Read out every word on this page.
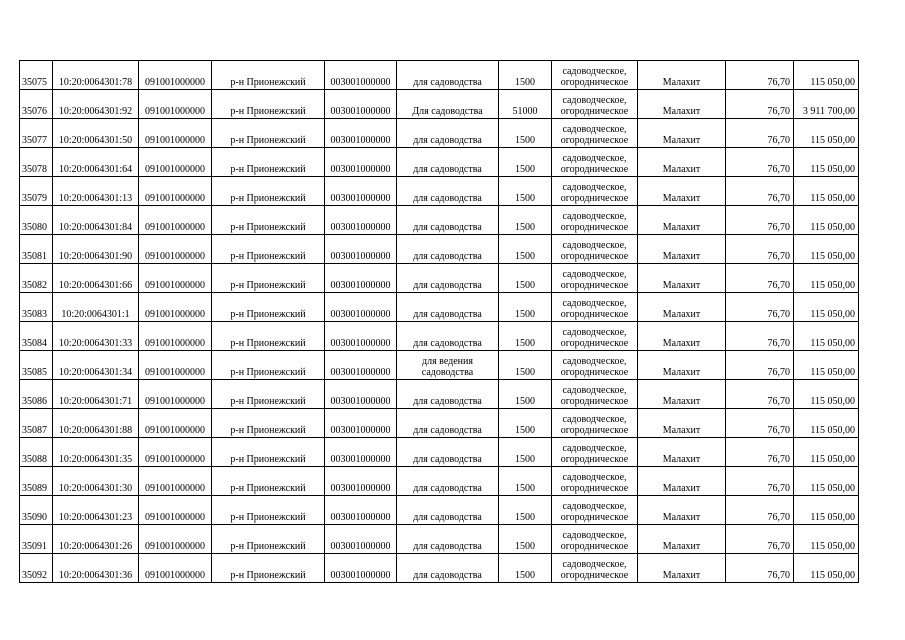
35075	10:20:0064301:78	091001000000	р-н Прионежский	003001000000	для садоводства	1500	садоводческое, огородническое	Малахит	76,70	115 050,00
35076	10:20:0064301:92	091001000000	р-н Прионежский	003001000000	Для садоводства	51000	садоводческое, огородническое	Малахит	76,70	3 911 700,00
35077	10:20:0064301:50	091001000000	р-н Прионежский	003001000000	для садоводства	1500	садоводческое, огородническое	Малахит	76,70	115 050,00
35078	10:20:0064301:64	091001000000	р-н Прионежский	003001000000	для садоводства	1500	садоводческое, огородническое	Малахит	76,70	115 050,00
35079	10:20:0064301:13	091001000000	р-н Прионежский	003001000000	для садоводства	1500	садоводческое, огородническое	Малахит	76,70	115 050,00
35080	10:20:0064301:84	091001000000	р-н Прионежский	003001000000	для садоводства	1500	садоводческое, огородническое	Малахит	76,70	115 050,00
35081	10:20:0064301:90	091001000000	р-н Прионежский	003001000000	для садоводства	1500	садоводческое, огородническое	Малахит	76,70	115 050,00
35082	10:20:0064301:66	091001000000	р-н Прионежский	003001000000	для садоводства	1500	садоводческое, огородническое	Малахит	76,70	115 050,00
35083	10:20:0064301:1	091001000000	р-н Прионежский	003001000000	для садоводства	1500	садоводческое, огородническое	Малахит	76,70	115 050,00
35084	10:20:0064301:33	091001000000	р-н Прионежский	003001000000	для садоводства	1500	садоводческое, огородническое	Малахит	76,70	115 050,00
35085	10:20:0064301:34	091001000000	р-н Прионежский	003001000000	для ведения садоводства	1500	садоводческое, огородническое	Малахит	76,70	115 050,00
35086	10:20:0064301:71	091001000000	р-н Прионежский	003001000000	для садоводства	1500	садоводческое, огородническое	Малахит	76,70	115 050,00
35087	10:20:0064301:88	091001000000	р-н Прионежский	003001000000	для садоводства	1500	садоводческое, огородническое	Малахит	76,70	115 050,00
35088	10:20:0064301:35	091001000000	р-н Прионежский	003001000000	для садоводства	1500	садоводческое, огородническое	Малахит	76,70	115 050,00
35089	10:20:0064301:30	091001000000	р-н Прионежский	003001000000	для садоводства	1500	садоводческое, огородническое	Малахит	76,70	115 050,00
35090	10:20:0064301:23	091001000000	р-н Прионежский	003001000000	для садоводства	1500	садоводческое, огородническое	Малахит	76,70	115 050,00
35091	10:20:0064301:26	091001000000	р-н Прионежский	003001000000	для садоводства	1500	садоводческое, огородническое	Малахит	76,70	115 050,00
35092	10:20:0064301:36	091001000000	р-н Прионежский	003001000000	для садоводства	1500	садоводческое, огородническое	Малахит	76,70	115 050,00
